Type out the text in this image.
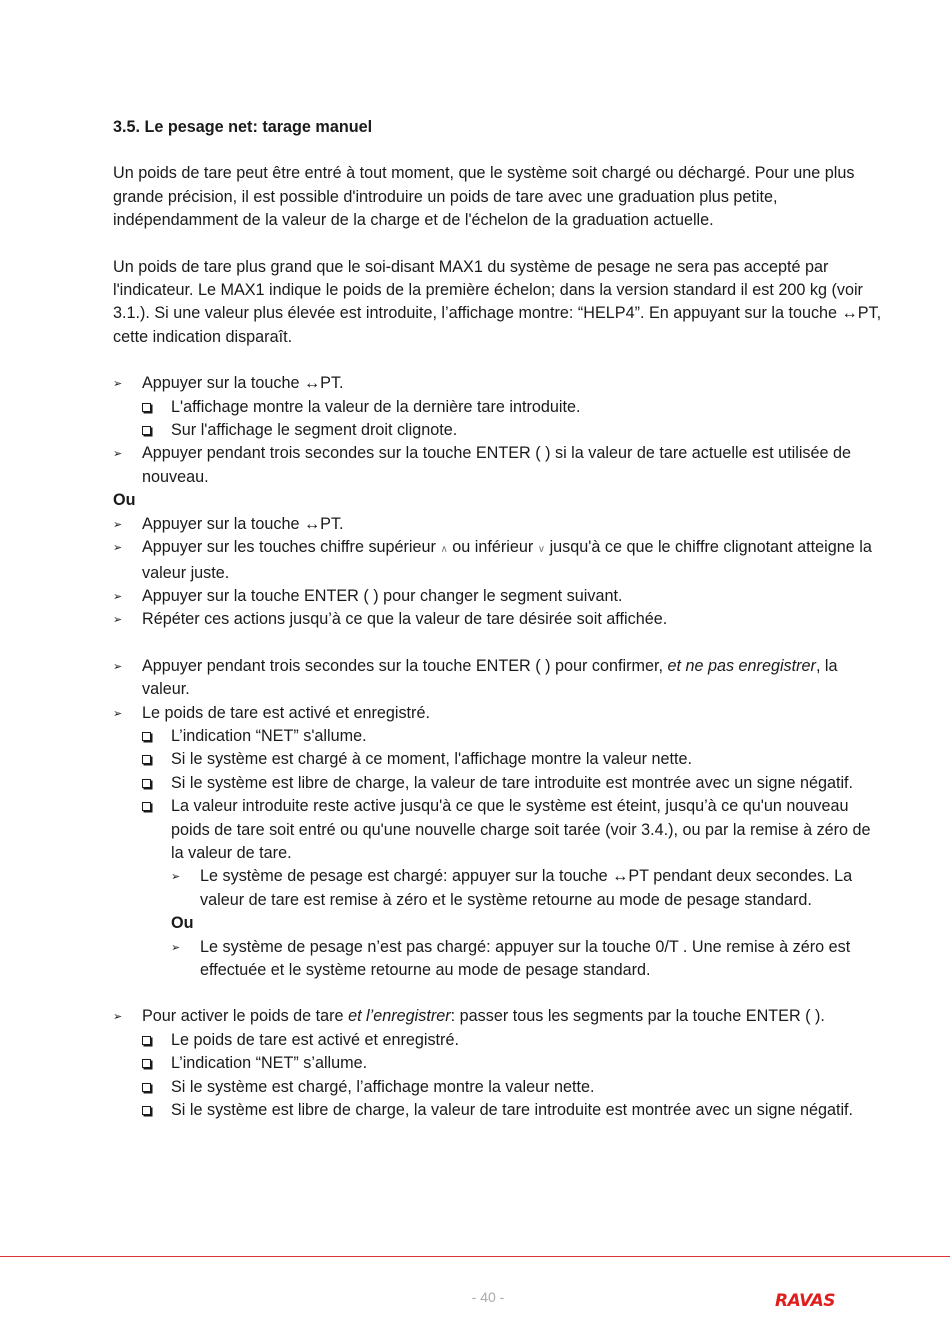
3.5. Le pesage net: tarage manuel
Un poids de tare peut être entré à tout moment, que le système soit chargé ou déchargé. Pour une plus grande précision, il est possible d'introduire un poids de tare avec une graduation plus petite, indépendamment de la valeur de la charge et de l'échelon de la graduation actuelle.
Un poids de tare plus grand que le soi-disant MAX1 du système de pesage ne sera pas accepté par l'indicateur. Le MAX1 indique le poids de la première échelon; dans la version standard il est 200 kg (voir 3.1.). Si une valeur plus élevée est introduite, l’affichage montre: “HELP4”. En appuyant sur la touche ↔PT, cette indication disparaît.
➢ Appuyer sur la touche ↔PT.
L'affichage montre la valeur de la dernière tare introduite.
Sur l'affichage le segment droit clignote.
➢ Appuyer pendant trois secondes sur la touche ENTER ( ) si la valeur de tare actuelle est utilisée de nouveau.
Ou
➢ Appuyer sur la touche ↔PT.
➢ Appuyer sur les touches chiffre supérieur ∧ ou inférieur ∨ jusqu'à ce que le chiffre clignotant atteigne la valeur juste.
➢ Appuyer sur la touche ENTER ( ) pour changer le segment suivant.
➢ Répéter ces actions jusqu’à ce que la valeur de tare désirée soit affichée.
➢ Appuyer pendant trois secondes sur la touche ENTER ( ) pour confirmer, et ne pas enregistrer, la valeur.
➢ Le poids de tare est activé et enregistré.
L’indication “NET” s'allume.
Si le système est chargé à ce moment, l'affichage montre la valeur nette.
Si le système est libre de charge, la valeur de tare introduite est montrée avec un signe négatif.
La valeur introduite reste active jusqu'à ce que le système est éteint, jusqu’à ce qu'un nouveau poids de tare soit entré ou qu'une nouvelle charge soit tarée (voir 3.4.), ou par la remise à zéro de la valeur de tare.
➢ Le système de pesage est chargé: appuyer sur la touche ↔PT pendant deux secondes. La valeur de tare est remise à zéro et le système retourne au mode de pesage standard.
Ou
➢ Le système de pesage n’est pas chargé: appuyer sur la touche 0/T . Une remise à zéro est effectuée et le système retourne au mode de pesage standard.
➢ Pour activer le poids de tare et l’enregistrer: passer tous les segments par la touche ENTER ( ).
Le poids de tare est activé et enregistré.
L’indication “NET” s’allume.
Si le système est chargé, l’affichage montre la valeur nette.
Si le système est libre de charge, la valeur de tare introduite est montrée avec un signe négatif.
- 40 -	RAVAS
